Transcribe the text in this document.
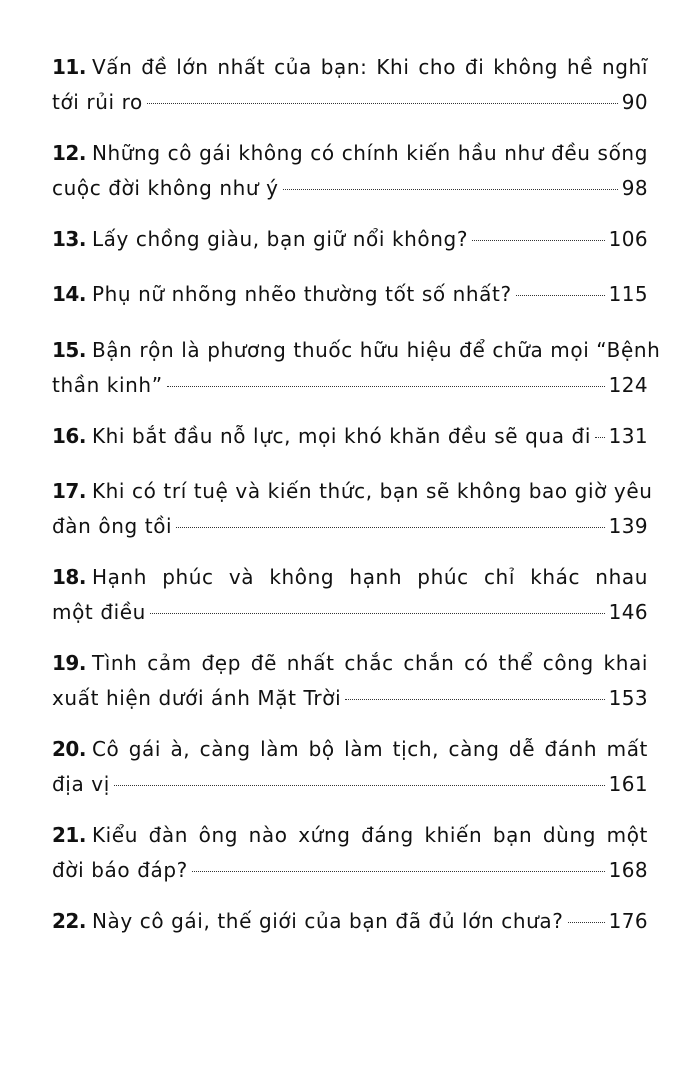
11. Vấn đề lớn nhất của bạn: Khi cho đi không hề nghĩ
tới rủi ro	90
12. Những cô gái không có chính kiến hầu như đều sống
cuộc đời không như ý	98
13. Lấy chồng giàu, bạn giữ nổi không?	106
14. Phụ nữ nhõng nhẽo thường tốt số nhất?	115
15. Bận rộn là phương thuốc hữu hiệu để chữa mọi “Bệnh
thần kinh”	124
16. Khi bắt đầu nỗ lực, mọi khó khăn đều sẽ qua đi 131
17. Khi có trí tuệ và kiến thức, bạn sẽ không bao giờ yêu
đàn ông tồi	139
18. Hạnh phúc và không hạnh phúc chỉ khác nhau
một điều	146
19. Tình cảm đẹp đẽ nhất chắc chắn có thể công khai
xuất hiện dưới ánh Mặt Trời	153
20. Cô gái à, càng làm bộ làm tịch, càng dễ đánh mất
địa vị	161
21. Kiểu đàn ông nào xứng đáng khiến bạn dùng một
đời báo đáp?	168
22. Này cô gái, thế giới của bạn đã đủ lớn chưa? 176
